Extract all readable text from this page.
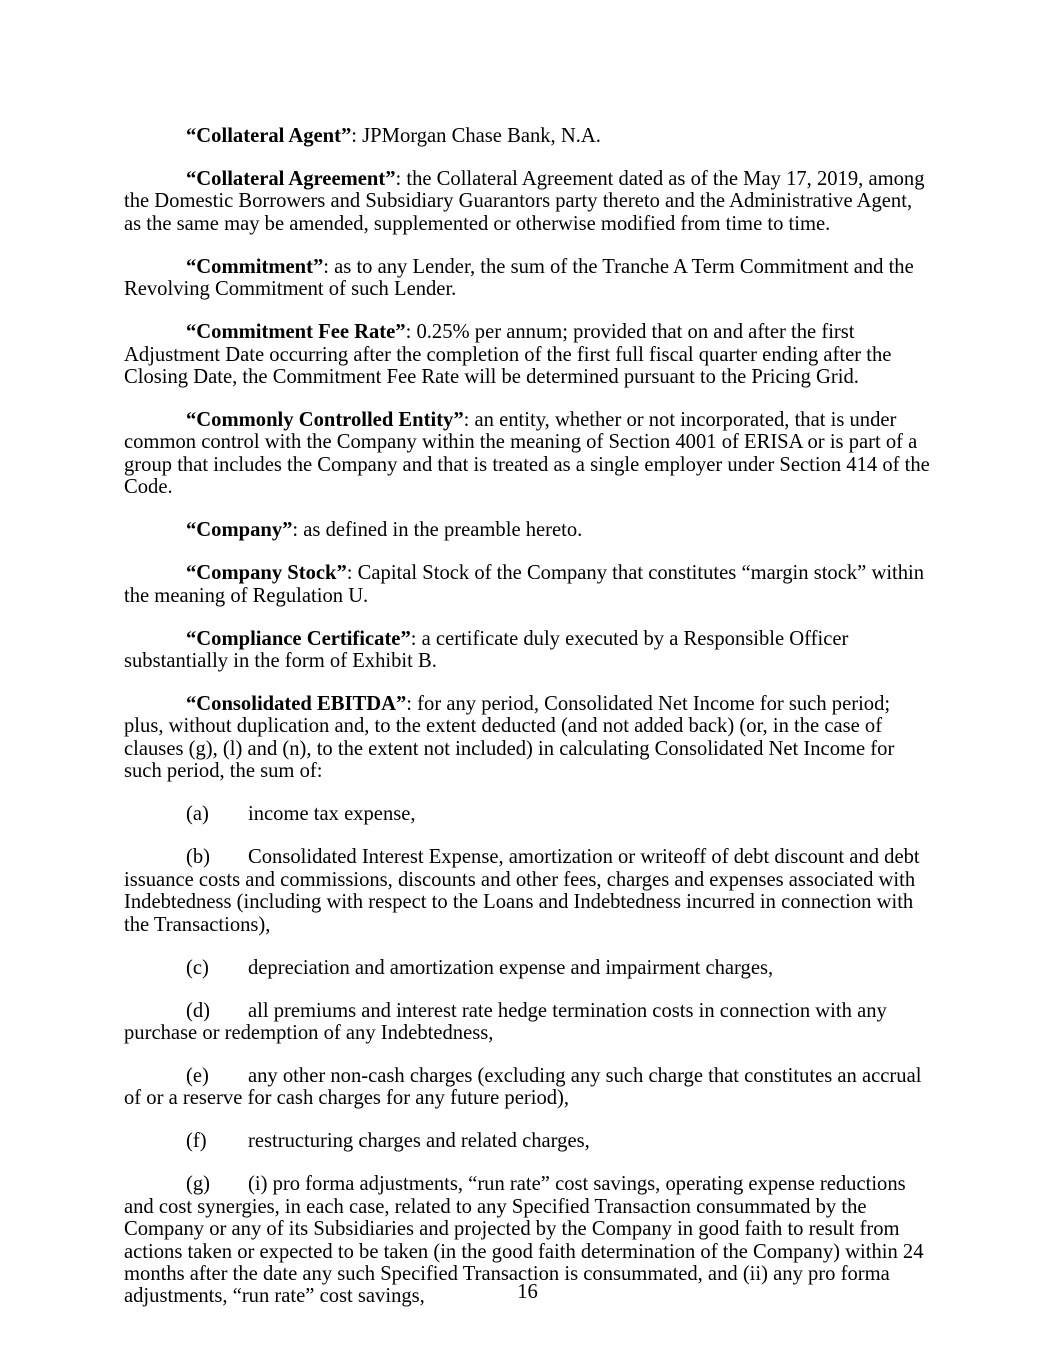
“Collateral Agent”: JPMorgan Chase Bank, N.A.

“Collateral Agreement”: the Collateral Agreement dated as of the May 17, 2019, among the Domestic Borrowers and Subsidiary Guarantors party thereto and the Administrative Agent, as the same may be amended, supplemented or otherwise modified from time to time.

“Commitment”: as to any Lender, the sum of the Tranche A Term Commitment and the Revolving Commitment of such Lender.

“Commitment Fee Rate”: 0.25% per annum; provided that on and after the first Adjustment Date occurring after the completion of the first full fiscal quarter ending after the Closing Date, the Commitment Fee Rate will be determined pursuant to the Pricing Grid.

“Commonly Controlled Entity”: an entity, whether or not incorporated, that is under common control with the Company within the meaning of Section 4001 of ERISA or is part of a group that includes the Company and that is treated as a single employer under Section 414 of the Code.

“Company”: as defined in the preamble hereto.

“Company Stock”: Capital Stock of the Company that constitutes “margin stock” within the meaning of Regulation U.

“Compliance Certificate”: a certificate duly executed by a Responsible Officer substantially in the form of Exhibit B.

“Consolidated EBITDA”: for any period, Consolidated Net Income for such period; plus, without duplication and, to the extent deducted (and not added back) (or, in the case of clauses (g), (l) and (n), to the extent not included) in calculating Consolidated Net Income for such period, the sum of:

(a) income tax expense,

(b) Consolidated Interest Expense, amortization or writeoff of debt discount and debt issuance costs and commissions, discounts and other fees, charges and expenses associated with Indebtedness (including with respect to the Loans and Indebtedness incurred in connection with the Transactions),

(c) depreciation and amortization expense and impairment charges,

(d) all premiums and interest rate hedge termination costs in connection with any purchase or redemption of any Indebtedness,

(e) any other non-cash charges (excluding any such charge that constitutes an accrual of or a reserve for cash charges for any future period),

(f) restructuring charges and related charges,

(g) (i) pro forma adjustments, “run rate” cost savings, operating expense reductions and cost synergies, in each case, related to any Specified Transaction consummated by the Company or any of its Subsidiaries and projected by the Company in good faith to result from actions taken or expected to be taken (in the good faith determination of the Company) within 24 months after the date any such Specified Transaction is consummated, and (ii) any pro forma adjustments, “run rate” cost savings,	16
